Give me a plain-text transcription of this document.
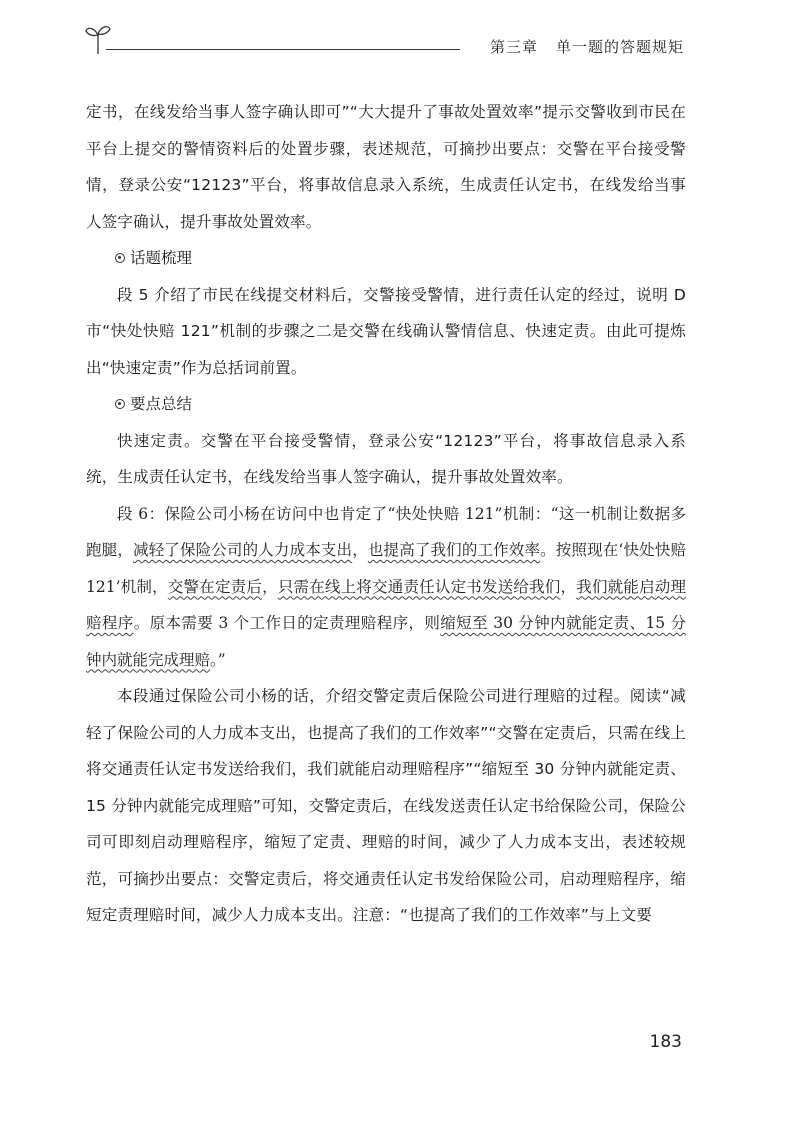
第三章 单一题的答题规矩

定书，在线发给当事人签字确认即可”“大大提升了事故处置效率”提示交警收到市民在平台上提交的警情资料后的处置步骤，表述规范，可摘抄出要点：交警在平台接受警情，登录公安“12123”平台，将事故信息录入系统，生成责任认定书，在线发给当事人签字确认，提升事故处置效率。

话题梳理

段 5 介绍了市民在线提交材料后，交警接受警情，进行责任认定的经过，说明 D 市“快处快赔 121”机制的步骤之二是交警在线确认警情信息、快速定责。由此可提炼出“快速定责”作为总括词前置。

要点总结

快速定责。交警在平台接受警情，登录公安“12123”平台，将事故信息录入系统，生成责任认定书，在线发给当事人签字确认，提升事故处置效率。

段 6：保险公司小杨在访问中也肯定了“快处快赔 121”机制：“这一机制让数据多跑腿，减轻了保险公司的人力成本支出，也提高了我们的工作效率。按照现在‘快处快赔 121’机制，交警在定责后，只需在线上将交通责任认定书发送给我们，我们就能启动理赔程序。原本需要 3 个工作日的定责理赔程序，则缩短至 30 分钟内就能定责、15 分钟内就能完成理赔。”

本段通过保险公司小杨的话，介绍交警定责后保险公司进行理赔的过程。阅读“减轻了保险公司的人力成本支出，也提高了我们的工作效率”“交警在定责后，只需在线上将交通责任认定书发送给我们，我们就能启动理赔程序”“缩短至 30 分钟内就能定责、15 分钟内就能完成理赔”可知，交警定责后，在线发送责任认定书给保险公司，保险公司可即刻启动理赔程序，缩短了定责、理赔的时间，减少了人力成本支出，表述较规范，可摘抄出要点：交警定责后，将交通责任认定书发给保险公司，启动理赔程序，缩短定责理赔时间，减少人力成本支出。注意：“也提高了我们的工作效率”与上文要

183
